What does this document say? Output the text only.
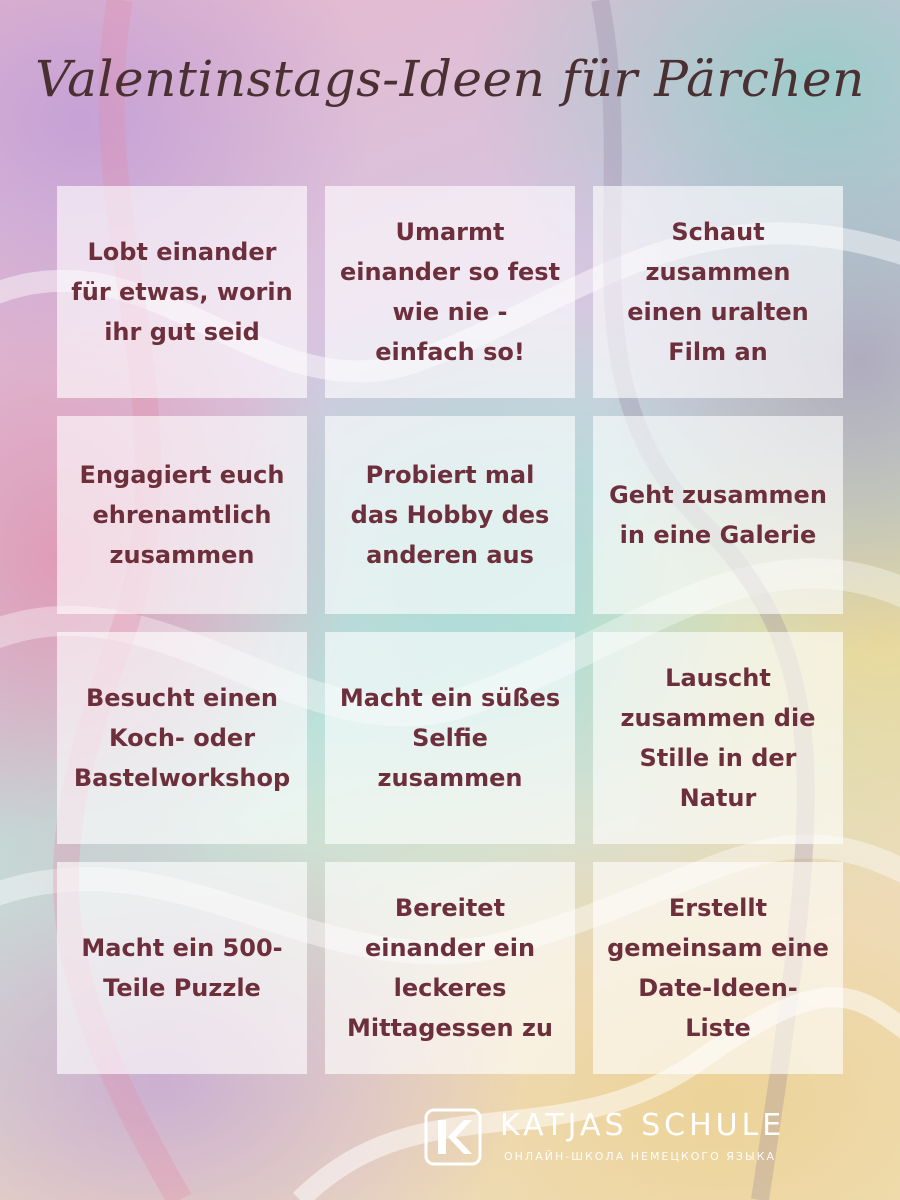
Valentinstags-Ideen für Pärchen
Lobt einander für etwas, worin ihr gut seid
Umarmt einander so fest wie nie - einfach so!
Schaut zusammen einen uralten Film an
Engagiert euch ehrenamtlich zusammen
Probiert mal das Hobby des anderen aus
Geht zusammen in eine Galerie
Besucht einen Koch- oder Bastelworkshop
Macht ein süßes Selfie zusammen
Lauscht zusammen die Stille in der Natur
Macht ein 500-Teile Puzzle
Bereitet einander ein leckeres Mittagessen zu
Erstellt gemeinsam eine Date-Ideen-Liste
KATJAS SCHULE
ОНЛАЙН-ШКОЛА НЕМЕЦКОГО ЯЗЫКА
